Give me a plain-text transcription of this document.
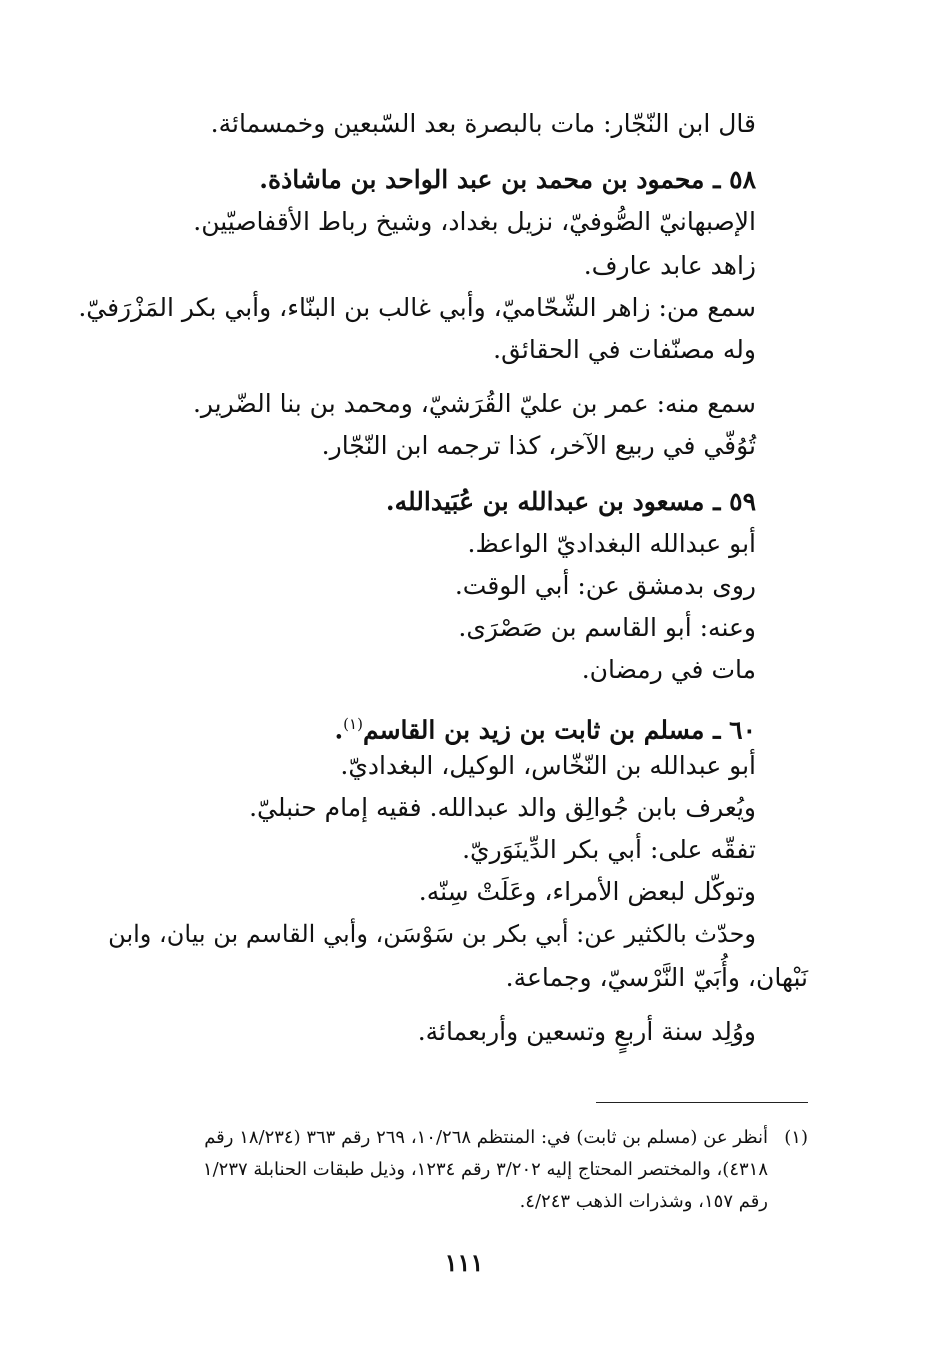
قال ابن النّجّار: مات بالبصرة بعد السّبعين وخمسمائة.
٥٨ ـ محمود بن محمد بن عبد الواحد بن ماشاذة.
الإصبهانيّ الصُّوفيّ، نزيل بغداد، وشيخ رباط الأقفاصيّين.
زاهد عابد عارف.
سمع من: زاهر الشّحّاميّ، وأبي غالب بن البنّاء، وأبي بكر المَزْرَفيّ.
وله مصنّفات في الحقائق.
سمع منه: عمر بن عليّ القُرَشيّ، ومحمد بن بنا الضّرير.
تُوُفّي في ربيع الآخر، كذا ترجمه ابن النّجّار.
٥٩ ـ مسعود بن عبدالله بن عُبَيدالله.
أبو عبدالله البغداديّ الواعظ.
روى بدمشق عن: أبي الوقت.
وعنه: أبو القاسم بن صَصْرَى.
مات في رمضان.
٦٠ ـ مسلم بن ثابت بن زيد بن القاسم$^{(١)}$.
أبو عبدالله بن النّخّاس، الوكيل، البغداديّ.
ويُعرف بابن جُوالِق والد عبدالله. فقيه إمام حنبليّ.
تفقّه على: أبي بكر الدِّينَوَريّ.
وتوكّل لبعض الأمراء، وعَلَتْ سِنّه.
وحدّث بالكثير عن: أبي بكر بن سَوْسَن، وأبي القاسم بن بيان، وابن
نَبْهان، وأُبَيّ النَّرْسيّ، وجماعة.
ووُلِد سنة أربعٍ وتسعين وأربعمائة.
(١)
أنظر عن (مسلم بن ثابت) في: المنتظم ١٠/٢٦٨، ٢٦٩ رقم ٣٦٣ (١٨/٢٣٤ رقم
٤٣١٨)، والمختصر المحتاج إليه ٣/٢٠٢ رقم ١٢٣٤، وذيل طبقات الحنابلة ١/٢٣٧
رقم ١٥٧، وشذرات الذهب ٤/٢٤٣.
١١١
